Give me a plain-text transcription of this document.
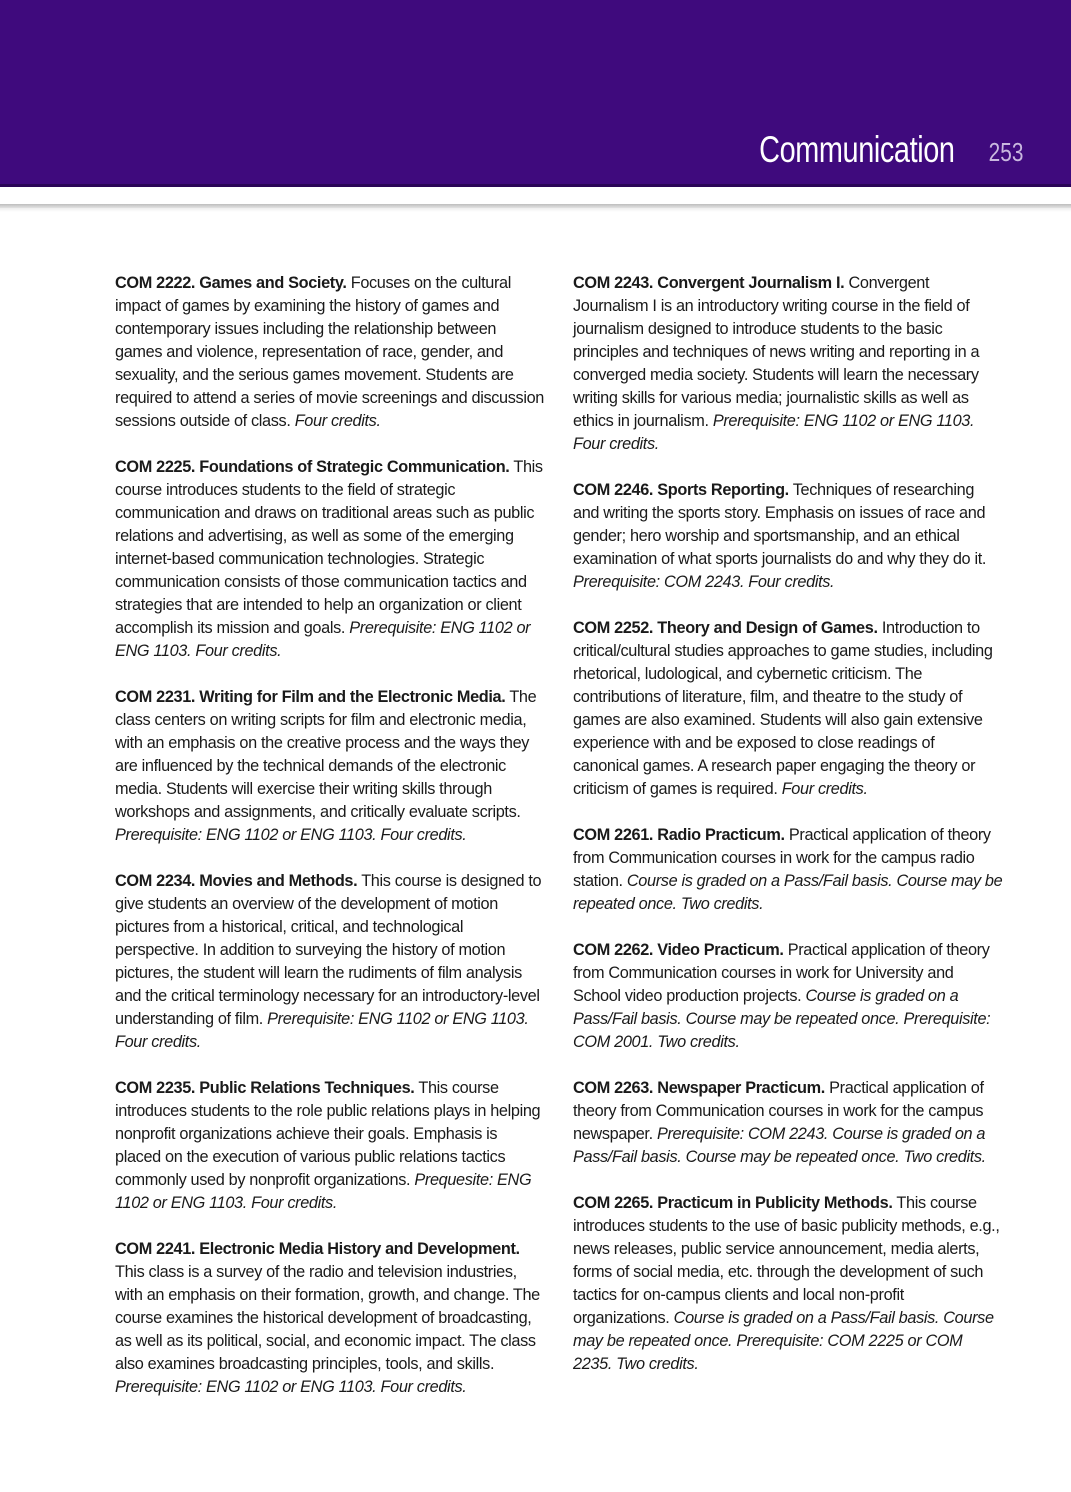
Communication 253

COM 2222. Games and Society. Focuses on the cultural impact of games by examining the history of games and contemporary issues including the relationship between games and violence, representation of race, gender, and sexuality, and the serious games movement. Students are required to attend a series of movie screenings and discussion sessions outside of class. Four credits.

COM 2225. Foundations of Strategic Communication. This course introduces students to the field of strategic communication and draws on traditional areas such as public relations and advertising, as well as some of the emerging internet-based communication technologies. Strategic communication consists of those communication tactics and strategies that are intended to help an organization or client accomplish its mission and goals. Prerequisite: ENG 1102 or ENG 1103. Four credits.

COM 2231. Writing for Film and the Electronic Media. The class centers on writing scripts for film and electronic media, with an emphasis on the creative process and the ways they are influenced by the technical demands of the electronic media. Students will exercise their writing skills through workshops and assignments, and critically evaluate scripts. Prerequisite: ENG 1102 or ENG 1103. Four credits.

COM 2234. Movies and Methods. This course is designed to give students an overview of the development of motion pictures from a historical, critical, and technological perspective. In addition to surveying the history of motion pictures, the student will learn the rudiments of film analysis and the critical terminology necessary for an introductory-level understanding of film. Prerequisite: ENG 1102 or ENG 1103. Four credits.

COM 2235. Public Relations Techniques. This course introduces students to the role public relations plays in helping nonprofit organizations achieve their goals. Emphasis is placed on the execution of various public relations tactics commonly used by nonprofit organizations. Prequesite: ENG 1102 or ENG 1103. Four credits.

COM 2241. Electronic Media History and Development. This class is a survey of the radio and television industries, with an emphasis on their formation, growth, and change. The course examines the historical development of broadcasting, as well as its political, social, and economic impact. The class also examines broadcasting principles, tools, and skills. Prerequisite: ENG 1102 or ENG 1103. Four credits.

COM 2243. Convergent Journalism I. Convergent Journalism I is an introductory writing course in the field of journalism designed to introduce students to the basic principles and techniques of news writing and reporting in a converged media society. Students will learn the necessary writing skills for various media; journalistic skills as well as ethics in journalism. Prerequisite: ENG 1102 or ENG 1103. Four credits.

COM 2246. Sports Reporting. Techniques of researching and writing the sports story. Emphasis on issues of race and gender; hero worship and sportsmanship, and an ethical examination of what sports journalists do and why they do it. Prerequisite: COM 2243. Four credits.

COM 2252. Theory and Design of Games. Introduction to critical/cultural studies approaches to game studies, including rhetorical, ludological, and cybernetic criticism. The contributions of literature, film, and theatre to the study of games are also examined. Students will also gain extensive experience with and be exposed to close readings of canonical games. A research paper engaging the theory or criticism of games is required. Four credits.

COM 2261. Radio Practicum. Practical application of theory from Communication courses in work for the campus radio station. Course is graded on a Pass/Fail basis. Course may be repeated once. Two credits.

COM 2262. Video Practicum. Practical application of theory from Communication courses in work for University and School video production projects. Course is graded on a Pass/Fail basis. Course may be repeated once. Prerequisite: COM 2001. Two credits.

COM 2263. Newspaper Practicum. Practical application of theory from Communication courses in work for the campus newspaper. Prerequisite: COM 2243. Course is graded on a Pass/Fail basis. Course may be repeated once. Two credits.

COM 2265. Practicum in Publicity Methods. This course introduces students to the use of basic publicity methods, e.g., news releases, public service announcement, media alerts, forms of social media, etc. through the development of such tactics for on-campus clients and local non-profit organizations. Course is graded on a Pass/Fail basis. Course may be repeated once. Prerequisite: COM 2225 or COM 2235. Two credits.
